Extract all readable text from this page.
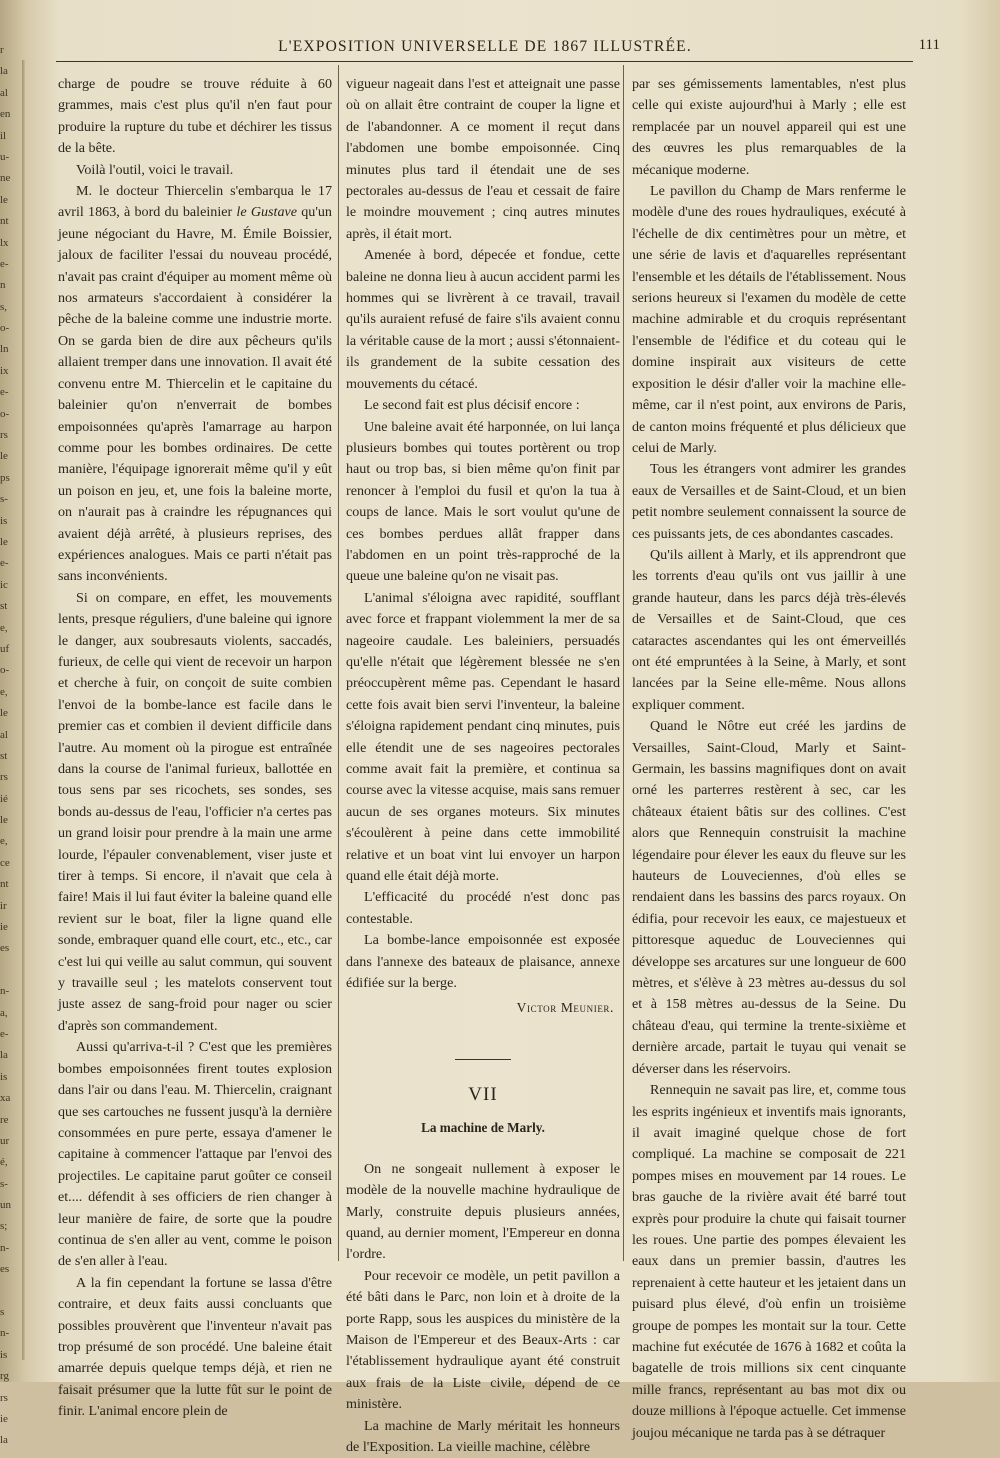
r
la
al
en
il
u-
ne
le
nt
lx
e-
n
s,
o-
ln
ix
e-
o-
rs
le
ps
s-
is
le
e-
ic
st
e,
uf
o-
e,
le
al
st
rs
ié
le
e,
ce
nt
ir
ie
es
n-
a,
e-
la
is
xa
re
ur
é,
s-
un
s;
n-
es
s
n-
is
rg
rs
ie
la
L'EXPOSITION UNIVERSELLE DE 1867 ILLUSTRÉE.	111

charge de poudre se trouve réduite à 60 grammes, mais c'est plus qu'il n'en faut pour produire la rupture du tube et déchirer les tissus de la bête.

Voilà l'outil, voici le travail.

M. le docteur Thiercelin s'embarqua le 17 avril 1863, à bord du baleinier le Gustave qu'un jeune négociant du Havre, M. Émile Boissier, jaloux de faciliter l'essai du nouveau procédé, n'avait pas craint d'équiper au moment même où nos armateurs s'accordaient à considérer la pêche de la baleine comme une industrie morte. On se garda bien de dire aux pêcheurs qu'ils allaient tremper dans une innovation. Il avait été convenu entre M. Thiercelin et le capitaine du baleinier qu'on n'enverrait de bombes empoisonnées qu'après l'amarrage au harpon comme pour les bombes ordinaires. De cette manière, l'équipage ignorerait même qu'il y eût un poison en jeu, et, une fois la baleine morte, on n'aurait pas à craindre les répugnances qui avaient déjà arrêté, à plusieurs reprises, des expériences analogues. Mais ce parti n'était pas sans inconvénients.

Si on compare, en effet, les mouvements lents, presque réguliers, d'une baleine qui ignore le danger, aux soubresauts violents, saccadés, furieux, de celle qui vient de recevoir un harpon et cherche à fuir, on conçoit de suite combien l'envoi de la bombe-lance est facile dans le premier cas et combien il devient difficile dans l'autre. Au moment où la pirogue est entraînée dans la course de l'animal furieux, ballottée en tous sens par ses ricochets, ses sondes, ses bonds au-dessus de l'eau, l'officier n'a certes pas un grand loisir pour prendre à la main une arme lourde, l'épauler convenablement, viser juste et tirer à temps. Si encore, il n'avait que cela à faire! Mais il lui faut éviter la baleine quand elle revient sur le boat, filer la ligne quand elle sonde, embraquer quand elle court, etc., etc., car c'est lui qui veille au salut commun, qui souvent y travaille seul ; les matelots conservent tout juste assez de sang-froid pour nager ou scier d'après son commandement.

Aussi qu'arriva-t-il ? C'est que les premières bombes empoisonnées firent toutes explosion dans l'air ou dans l'eau. M. Thiercelin, craignant que ses cartouches ne fussent jusqu'à la dernière consommées en pure perte, essaya d'amener le capitaine à commencer l'attaque par l'envoi des projectiles. Le capitaine parut goûter ce conseil et.... défendit à ses officiers de rien changer à leur manière de faire, de sorte que la poudre continua de s'en aller au vent, comme le poison de s'en aller à l'eau.

A la fin cependant la fortune se lassa d'être contraire, et deux faits aussi concluants que possibles prouvèrent que l'inventeur n'avait pas trop présumé de son procédé. Une baleine était amarrée depuis quelque temps déjà, et rien ne faisait présumer que la lutte fût sur le point de finir. L'animal encore plein de

vigueur nageait dans l'est et atteignait une passe où on allait être contraint de couper la ligne et de l'abandonner. A ce moment il reçut dans l'abdomen une bombe empoisonnée. Cinq minutes plus tard il étendait une de ses pectorales au-dessus de l'eau et cessait de faire le moindre mouvement ; cinq autres minutes après, il était mort.

Amenée à bord, dépecée et fondue, cette baleine ne donna lieu à aucun accident parmi les hommes qui se livrèrent à ce travail, travail qu'ils auraient refusé de faire s'ils avaient connu la véritable cause de la mort ; aussi s'étonnaient-ils grandement de la subite cessation des mouvements du cétacé.

Le second fait est plus décisif encore :

Une baleine avait été harponnée, on lui lança plusieurs bombes qui toutes portèrent ou trop haut ou trop bas, si bien même qu'on finit par renoncer à l'emploi du fusil et qu'on la tua à coups de lance. Mais le sort voulut qu'une de ces bombes perdues allât frapper dans l'abdomen en un point très-rapproché de la queue une baleine qu'on ne visait pas.

L'animal s'éloigna avec rapidité, soufflant avec force et frappant violemment la mer de sa nageoire caudale. Les baleiniers, persuadés qu'elle n'était que légèrement blessée ne s'en préoccupèrent même pas. Cependant le hasard cette fois avait bien servi l'inventeur, la baleine s'éloigna rapidement pendant cinq minutes, puis elle étendit une de ses nageoires pectorales comme avait fait la première, et continua sa course avec la vitesse acquise, mais sans remuer aucun de ses organes moteurs. Six minutes s'écoulèrent à peine dans cette immobilité relative et un boat vint lui envoyer un harpon quand elle était déjà morte.

L'efficacité du procédé n'est donc pas contestable.

La bombe-lance empoisonnée est exposée dans l'annexe des bateaux de plaisance, annexe édifiée sur la berge.

Victor Meunier.
VII
La machine de Marly.

On ne songeait nullement à exposer le modèle de la nouvelle machine hydraulique de Marly, construite depuis plusieurs années, quand, au dernier moment, l'Empereur en donna l'ordre.

Pour recevoir ce modèle, un petit pavillon a été bâti dans le Parc, non loin et à droite de la porte Rapp, sous les auspices du ministère de la Maison de l'Empereur et des Beaux-Arts : car l'établissement hydraulique ayant été construit aux frais de la Liste civile, dépend de ce ministère.

La machine de Marly méritait les honneurs de l'Exposition. La vieille machine, célèbre

par ses gémissements lamentables, n'est plus celle qui existe aujourd'hui à Marly ; elle est remplacée par un nouvel appareil qui est une des œuvres les plus remarquables de la mécanique moderne.

Le pavillon du Champ de Mars renferme le modèle d'une des roues hydrauliques, exécuté à l'échelle de dix centimètres pour un mètre, et une série de lavis et d'aquarelles représentant l'ensemble et les détails de l'établissement. Nous serions heureux si l'examen du modèle de cette machine admirable et du croquis représentant l'ensemble de l'édifice et du coteau qui le domine inspirait aux visiteurs de cette exposition le désir d'aller voir la machine elle-même, car il n'est point, aux environs de Paris, de canton moins fréquenté et plus délicieux que celui de Marly.

Tous les étrangers vont admirer les grandes eaux de Versailles et de Saint-Cloud, et un bien petit nombre seulement connaissent la source de ces puissants jets, de ces abondantes cascades.

Qu'ils aillent à Marly, et ils apprendront que les torrents d'eau qu'ils ont vus jaillir à une grande hauteur, dans les parcs déjà très-élevés de Versailles et de Saint-Cloud, que ces cataractes ascendantes qui les ont émerveillés ont été empruntées à la Seine, à Marly, et sont lancées par la Seine elle-même. Nous allons expliquer comment.

Quand le Nôtre eut créé les jardins de Versailles, Saint-Cloud, Marly et Saint-Germain, les bassins magnifiques dont on avait orné les parterres restèrent à sec, car les châteaux étaient bâtis sur des collines. C'est alors que Rennequin construisit la machine légendaire pour élever les eaux du fleuve sur les hauteurs de Louveciennes, d'où elles se rendaient dans les bassins des parcs royaux. On édifia, pour recevoir les eaux, ce majestueux et pittoresque aqueduc de Louveciennes qui développe ses arcatures sur une longueur de 600 mètres, et s'élève à 23 mètres au-dessus du sol et à 158 mètres au-dessus de la Seine. Du château d'eau, qui termine la trente-sixième et dernière arcade, partait le tuyau qui venait se déverser dans les réservoirs.

Rennequin ne savait pas lire, et, comme tous les esprits ingénieux et inventifs mais ignorants, il avait imaginé quelque chose de fort compliqué. La machine se composait de 221 pompes mises en mouvement par 14 roues. Le bras gauche de la rivière avait été barré tout exprès pour produire la chute qui faisait tourner les roues. Une partie des pompes élevaient les eaux dans un premier bassin, d'autres les reprenaient à cette hauteur et les jetaient dans un puisard plus élevé, d'où enfin un troisième groupe de pompes les montait sur la tour. Cette machine fut exécutée de 1676 à 1682 et coûta la bagatelle de trois millions six cent cinquante mille francs, représentant au bas mot dix ou douze millions à l'époque actuelle. Cet immense joujou mécanique ne tarda pas à se détraquer
